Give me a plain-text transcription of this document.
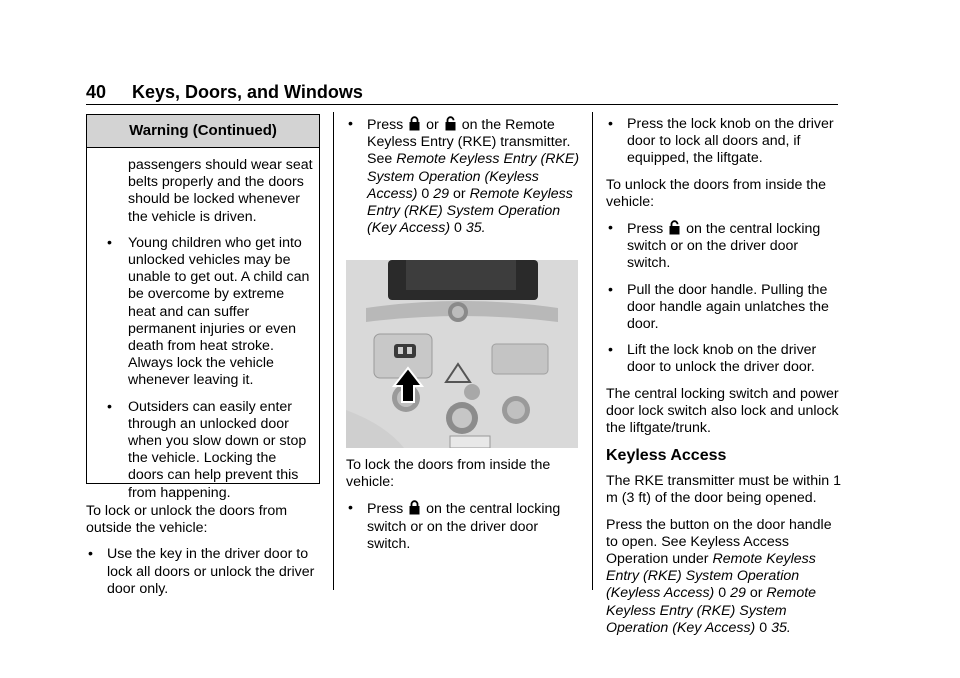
40 Keys, Doors, and Windows
Warning (Continued)

passengers should wear seat belts properly and the doors should be locked whenever the vehicle is driven.

• Young children who get into unlocked vehicles may be unable to get out. A child can be overcome by extreme heat and can suffer permanent injuries or even death from heat stroke. Always lock the vehicle whenever leaving it.
• Outsiders can easily enter through an unlocked door when you slow down or stop the vehicle. Locking the doors can help prevent this from happening.

To lock or unlock the doors from outside the vehicle:

• Use the key in the driver door to lock all doors or unlock the driver door only.
• Press or on the Remote Keyless Entry (RKE) transmitter. See Remote Keyless Entry (RKE) System Operation (Keyless Access) 0 29 or Remote Keyless Entry (RKE) System Operation (Key Access) 0 35.

To lock the doors from inside the vehicle:

• Press on the central locking switch or on the driver door switch.
• Press the lock knob on the driver door to lock all doors and, if equipped, the liftgate.

To unlock the doors from inside the vehicle:

• Press on the central locking switch or on the driver door switch.
• Pull the door handle. Pulling the door handle again unlatches the door.
• Lift the lock knob on the driver door to unlock the driver door.

The central locking switch and power door lock switch also lock and unlock the liftgate/trunk.

Keyless Access

The RKE transmitter must be within 1 m (3 ft) of the door being opened.

Press the button on the door handle to open. See Keyless Access Operation under Remote Keyless Entry (RKE) System Operation (Keyless Access) 0 29 or Remote Keyless Entry (RKE) System Operation (Key Access) 0 35.
